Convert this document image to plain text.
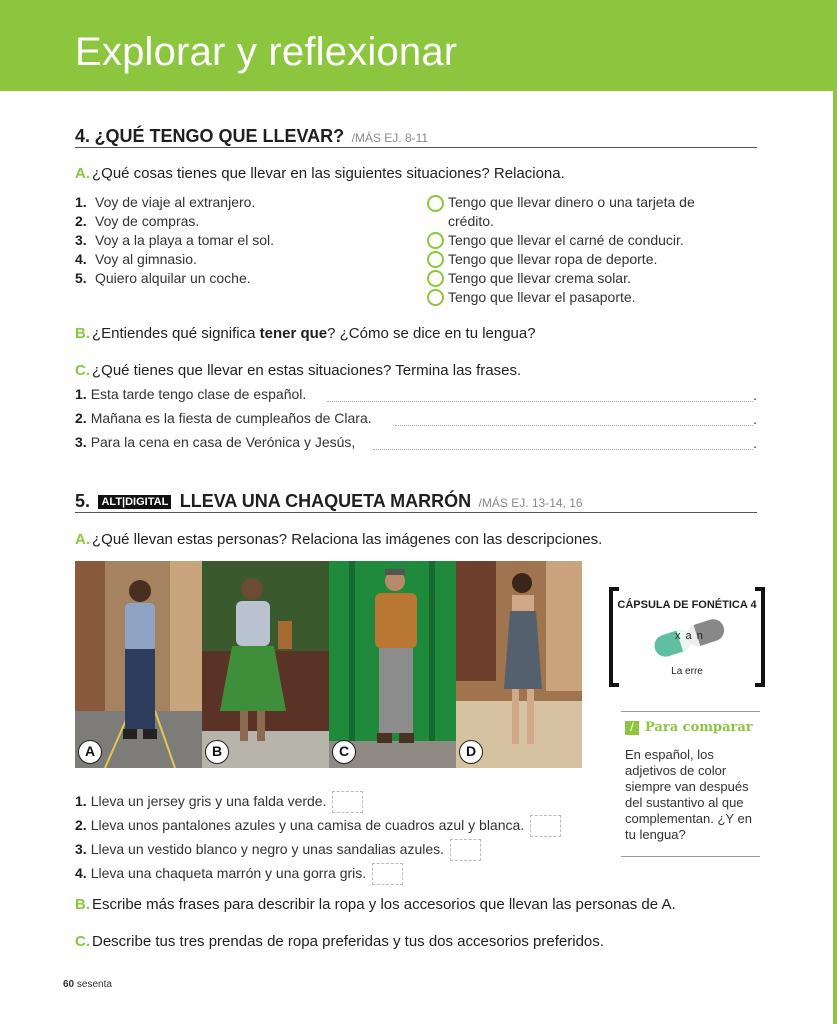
Explorar y reflexionar
4. ¿QUÉ TENGO QUE LLEVAR? /MÁS EJ. 8-11
A. ¿Qué cosas tienes que llevar en las siguientes situaciones? Relaciona.
1. Voy de viaje al extranjero.
2. Voy de compras.
3. Voy a la playa a tomar el sol.
4. Voy al gimnasio.
5. Quiero alquilar un coche.
Tengo que llevar dinero o una tarjeta de
crédito.
Tengo que llevar el carné de conducir.
Tengo que llevar ropa de deporte.
Tengo que llevar crema solar.
Tengo que llevar el pasaporte.
B. ¿Entiendes qué significa tener que? ¿Cómo se dice en tu lengua?
C. ¿Qué tienes que llevar en estas situaciones? Termina las frases.
1. Esta tarde tengo clase de español.	.
2. Mañana es la fiesta de cumpleaños de Clara.	.
3. Para la cena en casa de Verónica y Jesús,	.
5. ALT|DIGITAL LLEVA UNA CHAQUETA MARRÓN /MÁS EJ. 13-14, 16
A. ¿Qué llevan estas personas? Relaciona las imágenes con las descripciones.
A	B	C	D
CÁPSULA DE FONÉTICA 4
x a n
La erre
/ Para comparar
En español, los adjetivos de color siempre van después del sustantivo al que complementan. ¿Y en tu lengua?
1. Lleva un jersey gris y una falda verde.
2. Lleva unos pantalones azules y una camisa de cuadros azul y blanca.
3. Lleva un vestido blanco y negro y unas sandalias azules.
4. Lleva una chaqueta marrón y una gorra gris.
B. Escribe más frases para describir la ropa y los accesorios que llevan las personas de A.
C. Describe tus tres prendas de ropa preferidas y tus dos accesorios preferidos.
60 sesenta
